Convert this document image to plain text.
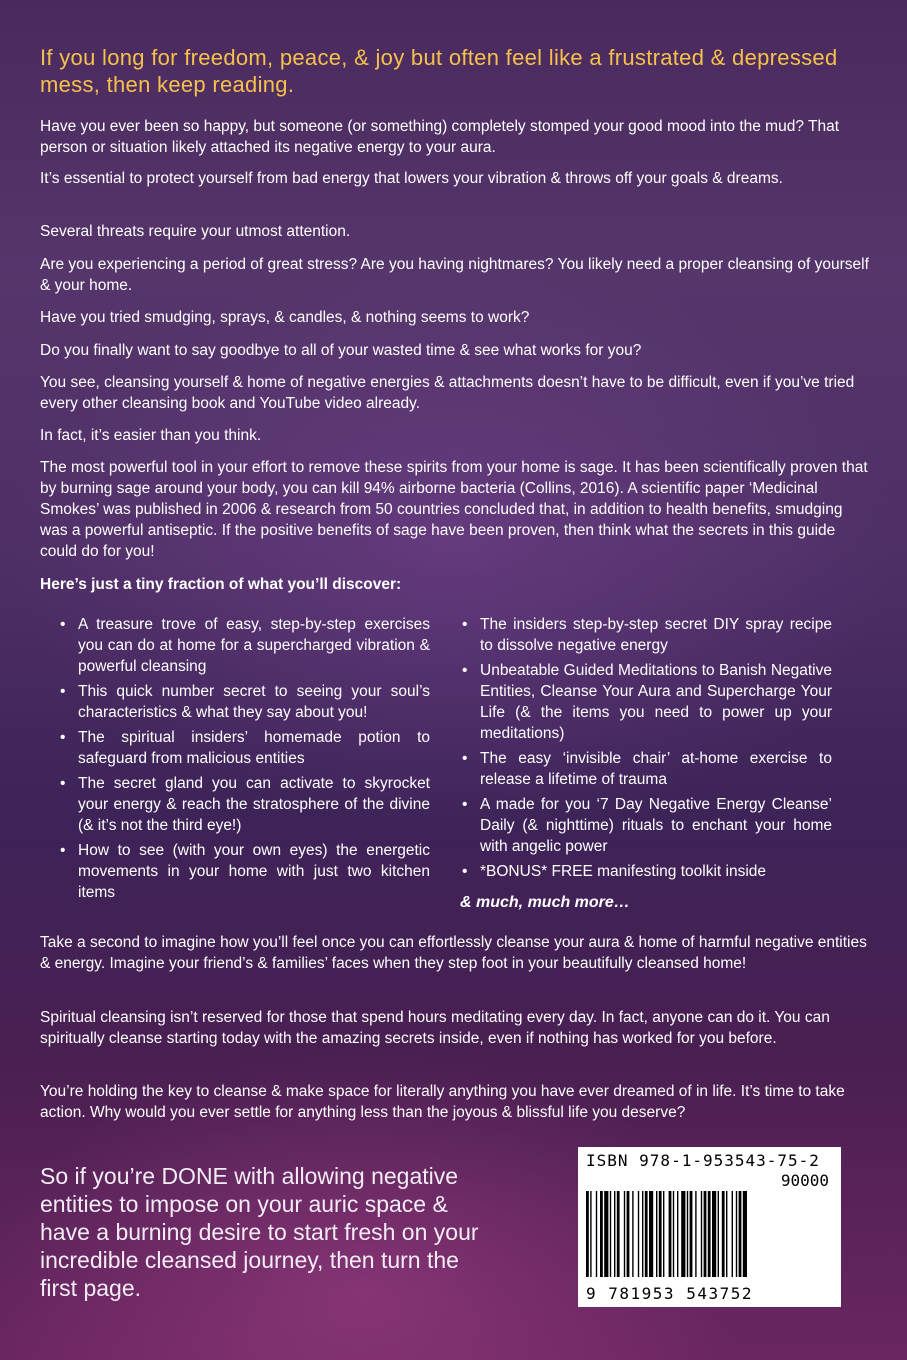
If you long for freedom, peace, & joy but often feel like a frustrated & depressed mess, then keep reading.

Have you ever been so happy, but someone (or something) completely stomped your good mood into the mud? That person or situation likely attached its negative energy to your aura.

It’s essential to protect yourself from bad energy that lowers your vibration & throws off your goals & dreams.

Several threats require your utmost attention.

Are you experiencing a period of great stress? Are you having nightmares? You likely need a proper cleansing of yourself & your home.

Have you tried smudging, sprays, & candles, & nothing seems to work?

Do you finally want to say goodbye to all of your wasted time & see what works for you?

You see, cleansing yourself & home of negative energies & attachments doesn’t have to be difficult, even if you’ve tried every other cleansing book and YouTube video already.

In fact, it’s easier than you think.

The most powerful tool in your effort to remove these spirits from your home is sage. It has been scientifically proven that by burning sage around your body, you can kill 94% airborne bacteria (Collins, 2016). A scientific paper ‘Medicinal Smokes’ was published in 2006 & research from 50 countries concluded that, in addition to health benefits, smudging was a powerful antiseptic. If the positive benefits of sage have been proven, then think what the secrets in this guide could do for you!

Here’s just a tiny fraction of what you’ll discover:

• A treasure trove of easy, step-by-step exercises you can do at home for a supercharged vibration & powerful cleansing
• This quick number secret to seeing your soul’s characteristics & what they say about you!
• The spiritual insiders’ homemade potion to safeguard from malicious entities
• The secret gland you can activate to skyrocket your energy & reach the stratosphere of the divine (& it’s not the third eye!)
• How to see (with your own eyes) the energetic movements in your home with just two kitchen items
• The insiders step-by-step secret DIY spray recipe to dissolve negative energy
• Unbeatable Guided Meditations to Banish Negative Entities, Cleanse Your Aura and Supercharge Your Life (& the items you need to power up your meditations)
• The easy ‘invisible chair’ at-home exercise to release a lifetime of trauma
• A made for you ‘7 Day Negative Energy Cleanse’ Daily (& nighttime) rituals to enchant your home with angelic power
• *BONUS* FREE manifesting toolkit inside
& much, much more…

Take a second to imagine how you’ll feel once you can effortlessly cleanse your aura & home of harmful negative entities & energy. Imagine your friend’s & families’ faces when they step foot in your beautifully cleansed home!

Spiritual cleansing isn’t reserved for those that spend hours meditating every day. In fact, anyone can do it. You can spiritually cleanse starting today with the amazing secrets inside, even if nothing has worked for you before.

You’re holding the key to cleanse & make space for literally anything you have ever dreamed of in life. It’s time to take action. Why would you ever settle for anything less than the joyous & blissful life you deserve?

So if you’re DONE with allowing negative entities to impose on your auric space & have a burning desire to start fresh on your incredible cleansed journey, then turn the first page.

ISBN 978-1-953543-75-2
90000
9 781953 543752
